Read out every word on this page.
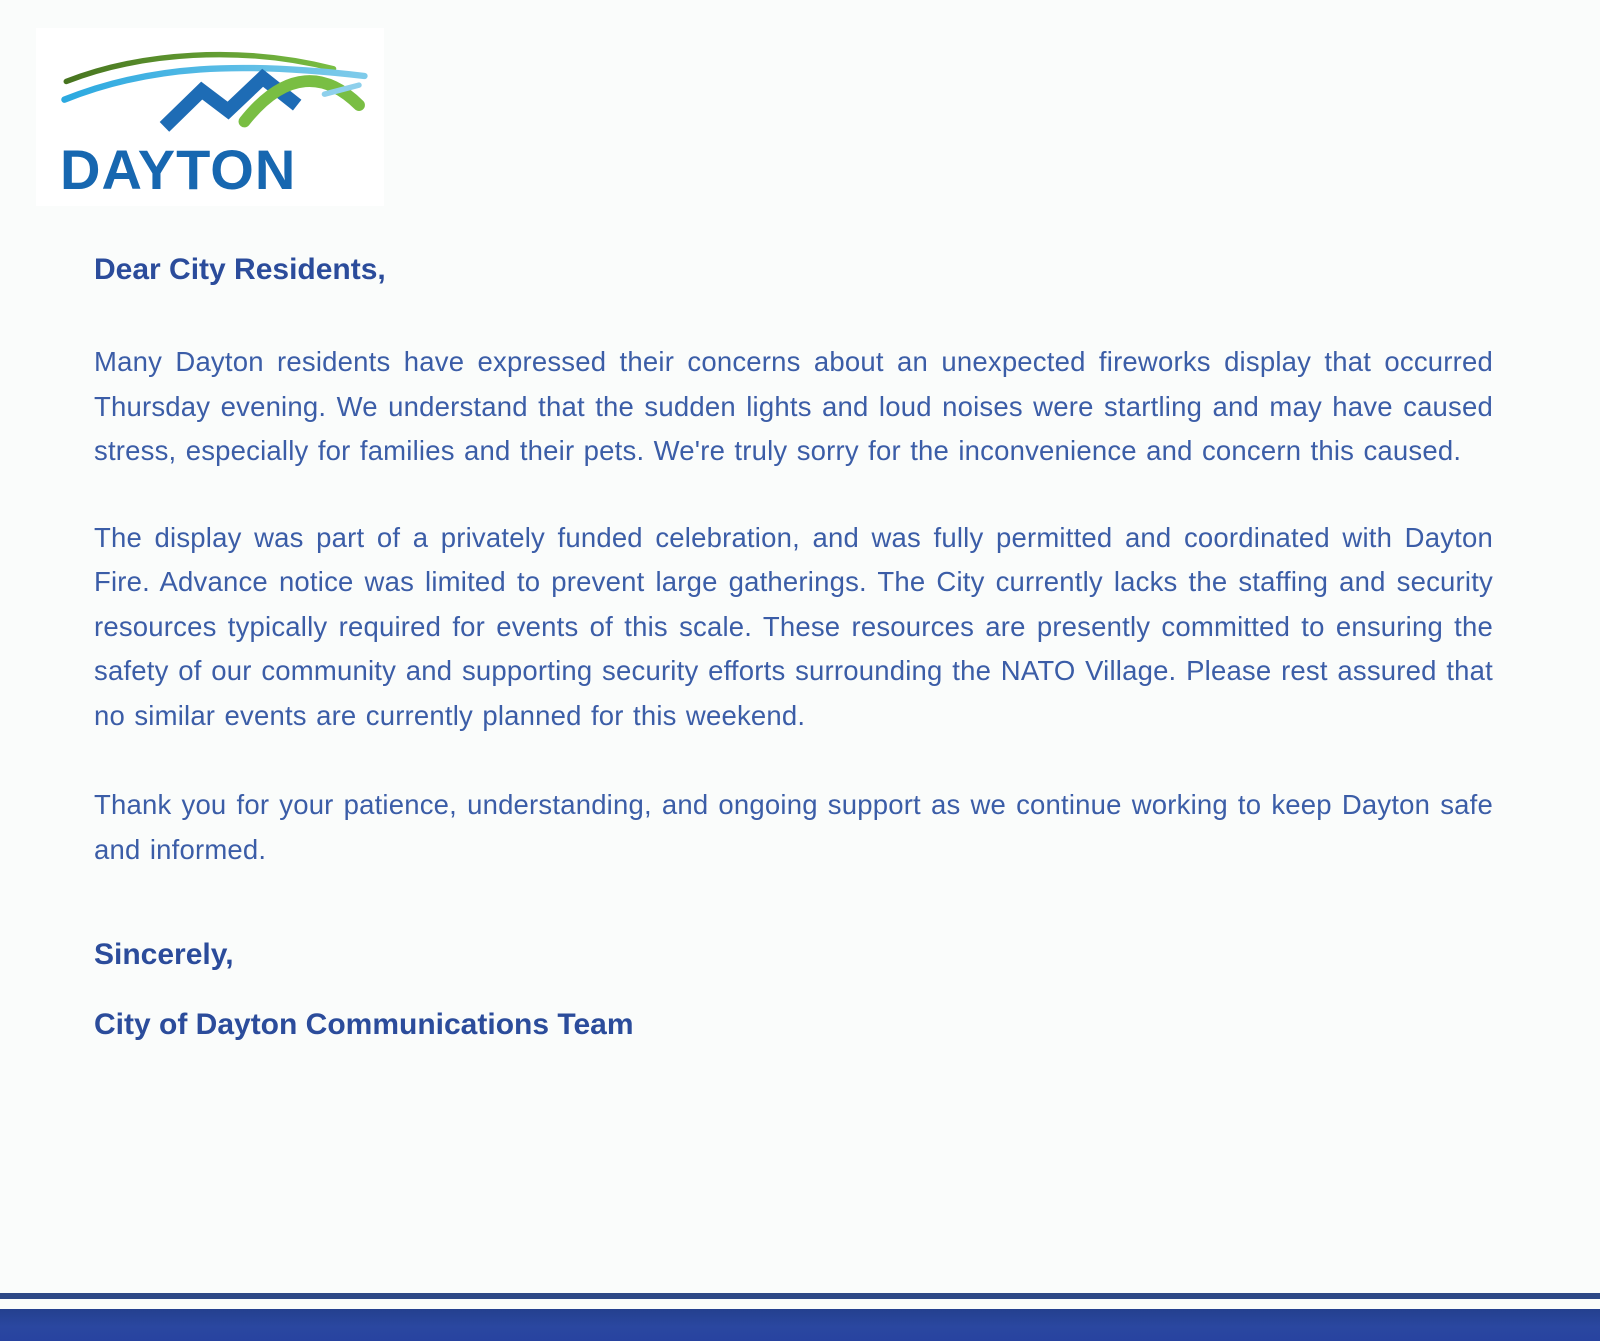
DAYTON

Dear City Residents,

Many Dayton residents have expressed their concerns about an unexpected fireworks display that occurred Thursday evening. We understand that the sudden lights and loud noises were startling and may have caused stress, especially for families and their pets. We're truly sorry for the inconvenience and concern this caused.

The display was part of a privately funded celebration, and was fully permitted and coordinated with Dayton Fire. Advance notice was limited to prevent large gatherings. The City currently lacks the staffing and security resources typically required for events of this scale. These resources are presently committed to ensuring the safety of our community and supporting security efforts surrounding the NATO Village. Please rest assured that no similar events are currently planned for this weekend.

Thank you for your patience, understanding, and ongoing support as we continue working to keep Dayton safe and informed.

Sincerely,

City of Dayton Communications Team
